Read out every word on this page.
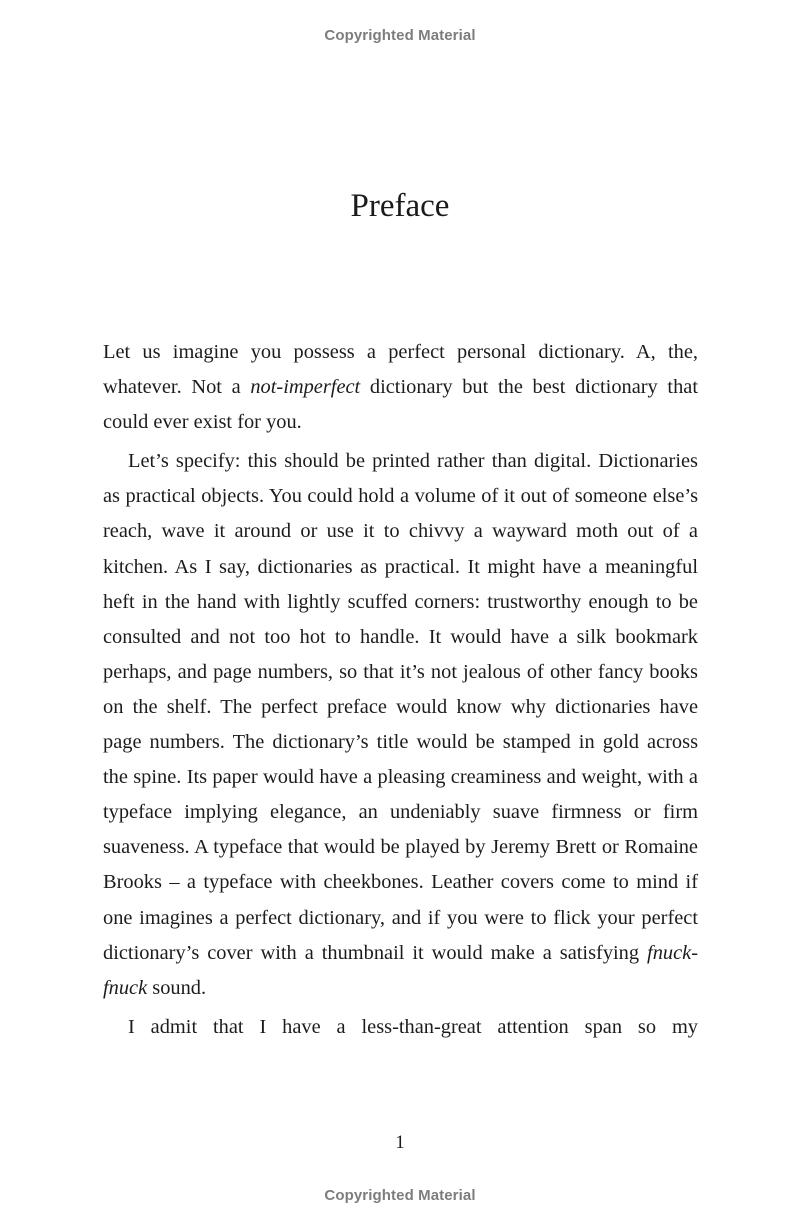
Copyrighted Material
Preface

Let us imagine you possess a perfect personal dictionary. A, the, whatever. Not a not-imperfect dictionary but the best dictionary that could ever exist for you.

Let’s specify: this should be printed rather than digital. Dictionaries as practical objects. You could hold a volume of it out of someone else’s reach, wave it around or use it to chivvy a wayward moth out of a kitchen. As I say, dictionaries as practical. It might have a meaningful heft in the hand with lightly scuffed corners: trustworthy enough to be consulted and not too hot to handle. It would have a silk bookmark perhaps, and page numbers, so that it’s not jealous of other fancy books on the shelf. The perfect preface would know why dictionaries have page numbers. The dictionary’s title would be stamped in gold across the spine. Its paper would have a pleasing creaminess and weight, with a typeface implying elegance, an undeniably suave firmness or firm suaveness. A typeface that would be played by Jeremy Brett or Romaine Brooks – a typeface with cheekbones. Leather covers come to mind if one imagines a perfect dictionary, and if you were to flick your perfect dictionary’s cover with a thumbnail it would make a satisfying fnuck-fnuck sound.

I admit that I have a less-than-great attention span so my

1
Copyrighted Material
